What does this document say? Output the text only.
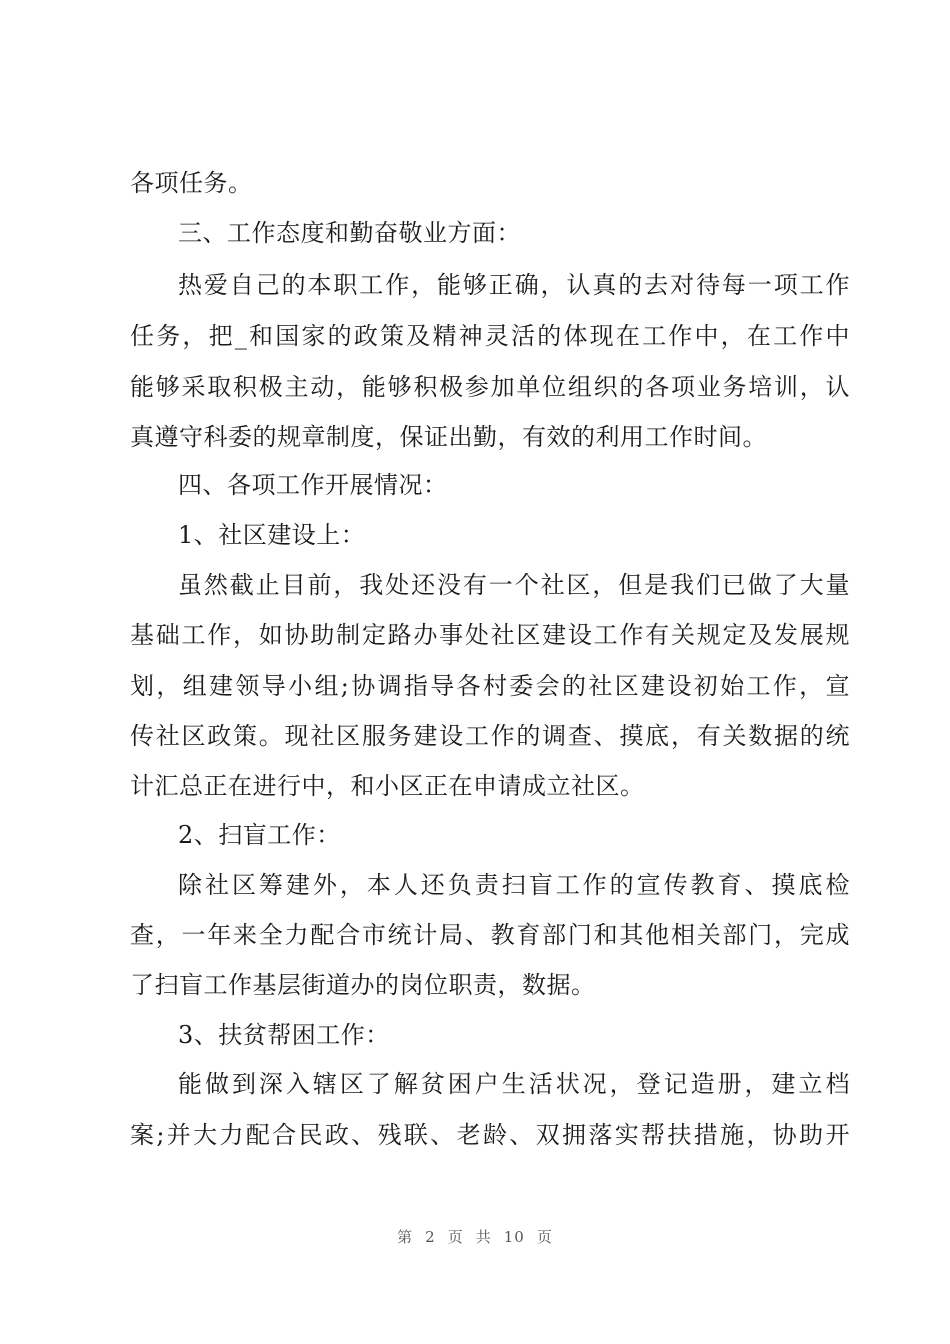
各项任务。
三、工作态度和勤奋敬业方面：
热爱自己的本职工作，能够正确，认真的去对待每一项工作
任务，把_和国家的政策及精神灵活的体现在工作中，在工作中
能够采取积极主动，能够积极参加单位组织的各项业务培训，认
真遵守科委的规章制度，保证出勤，有效的利用工作时间。
四、各项工作开展情况：
1、社区建设上：
虽然截止目前，我处还没有一个社区，但是我们已做了大量
基础工作，如协助制定路办事处社区建设工作有关规定及发展规
划，组建领导小组;协调指导各村委会的社区建设初始工作，宣
传社区政策。现社区服务建设工作的调查、摸底，有关数据的统
计汇总正在进行中，和小区正在申请成立社区。
2、扫盲工作：
除社区筹建外，本人还负责扫盲工作的宣传教育、摸底检
查，一年来全力配合市统计局、教育部门和其他相关部门，完成
了扫盲工作基层街道办的岗位职责，数据。
3、扶贫帮困工作：
能做到深入辖区了解贫困户生活状况，登记造册，建立档
案;并大力配合民政、残联、老龄、双拥落实帮扶措施，协助开
第 2 页 共 10 页
